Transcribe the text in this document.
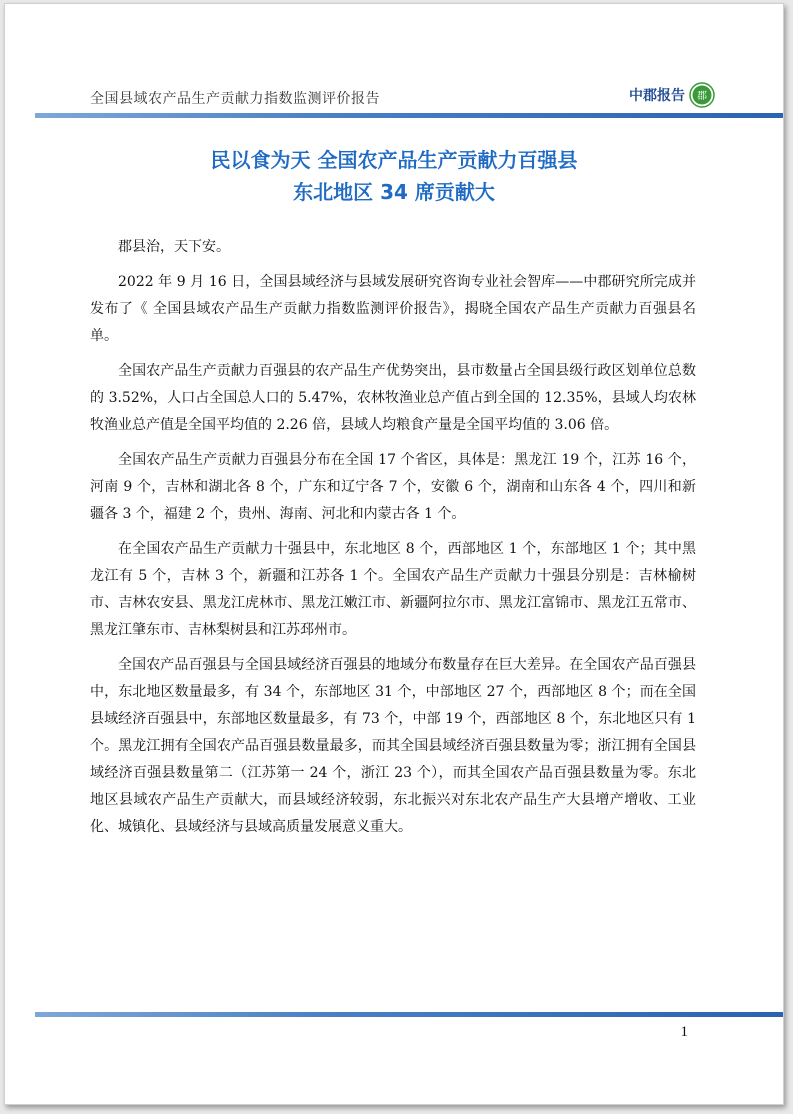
全国县域农产品生产贡献力指数监测评价报告	中郡报告 郡
民以食为天 全国农产品生产贡献力百强县
东北地区 34 席贡献大

郡县治，天下安。

2022 年 9 月 16 日，全国县域经济与县域发展研究咨询专业社会智库——中郡研究所完成并发布了《 全国县域农产品生产贡献力指数监测评价报告》，揭晓全国农产品生产贡献力百强县名单。

全国农产品生产贡献力百强县的农产品生产优势突出，县市数量占全国县级行政区划单位总数的 3.52%，人口占全国总人口的 5.47%，农林牧渔业总产值占到全国的 12.35%，县域人均农林牧渔业总产值是全国平均值的 2.26 倍，县域人均粮食产量是全国平均值的 3.06 倍。

全国农产品生产贡献力百强县分布在全国 17 个省区，具体是：黑龙江 19 个，江苏 16 个，河南 9 个，吉林和湖北各 8 个，广东和辽宁各 7 个，安徽 6 个，湖南和山东各 4 个，四川和新疆各 3 个，福建 2 个，贵州、海南、河北和内蒙古各 1 个。

在全国农产品生产贡献力十强县中，东北地区 8 个，西部地区 1 个，东部地区 1 个；其中黑龙江有 5 个，吉林 3 个，新疆和江苏各 1 个。全国农产品生产贡献力十强县分别是：吉林榆树市、吉林农安县、黑龙江虎林市、黑龙江嫩江市、新疆阿拉尔市、黑龙江富锦市、黑龙江五常市、黑龙江肇东市、吉林梨树县和江苏邳州市。

全国农产品百强县与全国县域经济百强县的地域分布数量存在巨大差异。在全国农产品百强县中，东北地区数量最多，有 34 个，东部地区 31 个，中部地区 27 个，西部地区 8 个；而在全国县域经济百强县中，东部地区数量最多，有 73 个，中部 19 个，西部地区 8 个，东北地区只有 1 个。黑龙江拥有全国农产品百强县数量最多，而其全国县域经济百强县数量为零；浙江拥有全国县域经济百强县数量第二（江苏第一 24 个，浙江 23 个），而其全国农产品百强县数量为零。东北地区县域农产品生产贡献大，而县域经济较弱，东北振兴对东北农产品生产大县增产增收、工业化、城镇化、县域经济与县域高质量发展意义重大。

1
